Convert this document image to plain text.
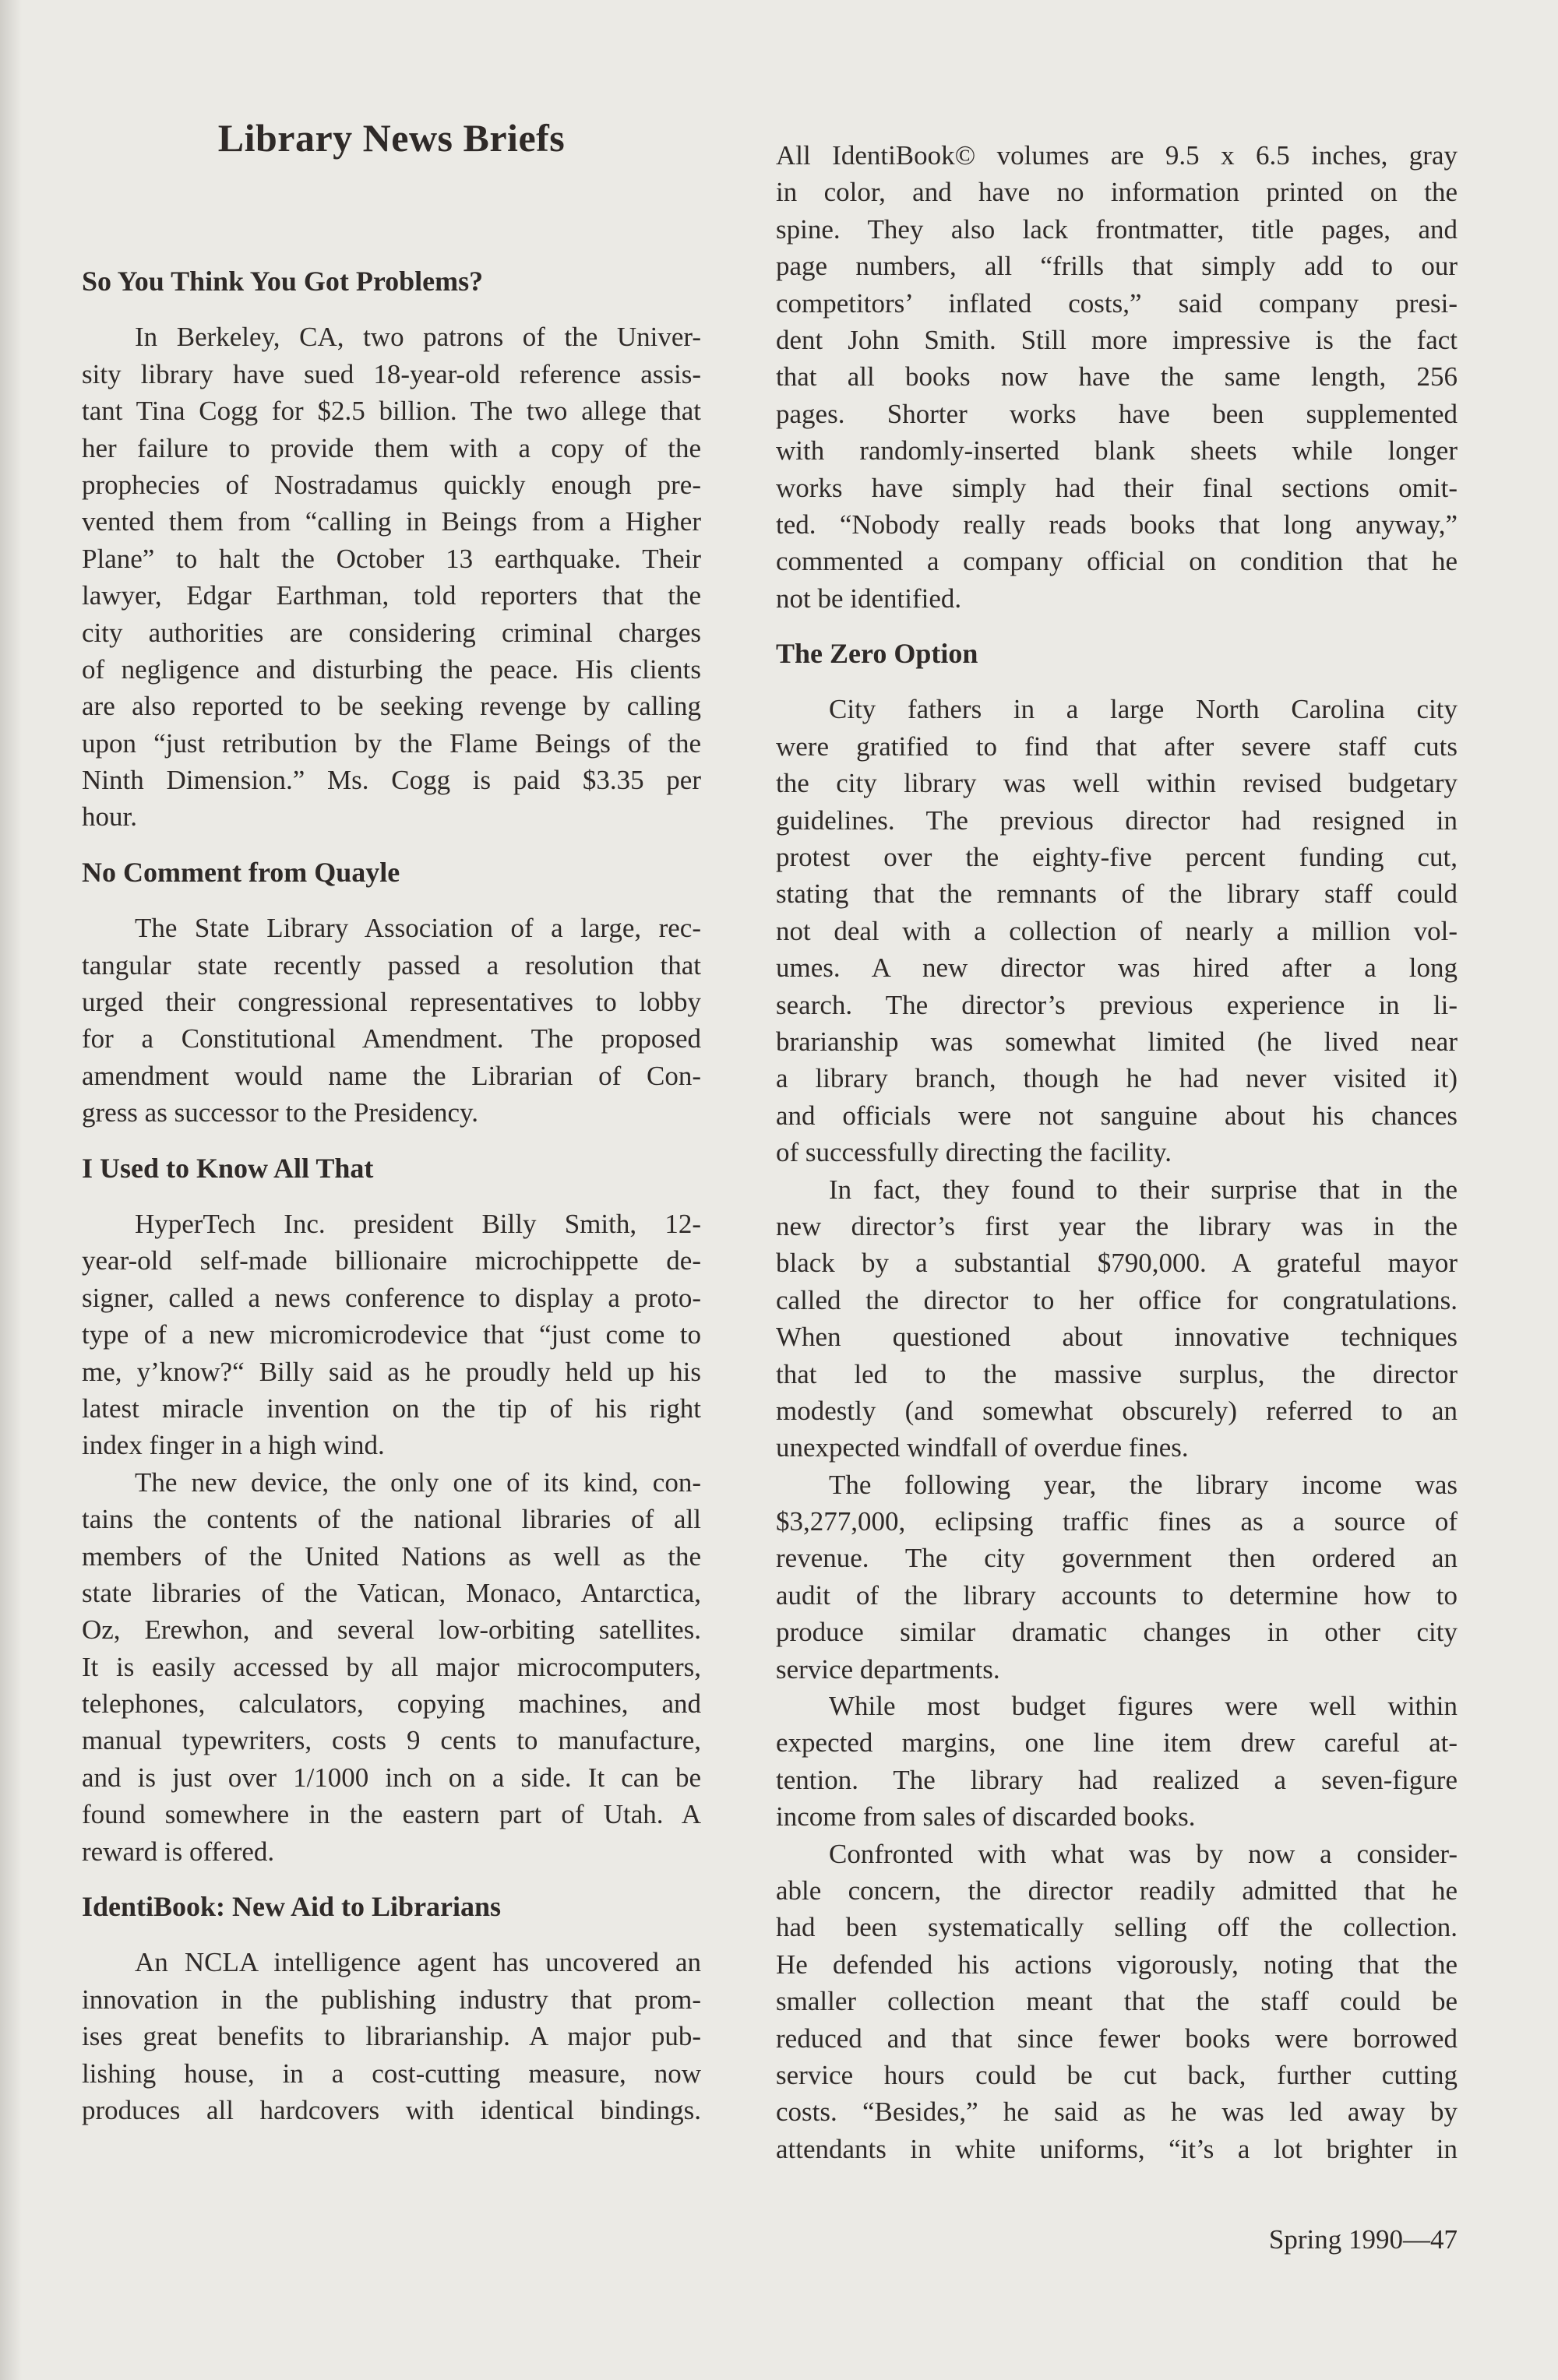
Library News Briefs
So You Think You Got Problems?
In Berkeley, CA, two patrons of the Univer-
sity library have sued 18-year-old reference assis-
tant Tina Cogg for $2.5 billion. The two allege that
her failure to provide them with a copy of the
prophecies of Nostradamus quickly enough pre-
vented them from “calling in Beings from a Higher
Plane” to halt the October 13 earthquake. Their
lawyer, Edgar Earthman, told reporters that the
city authorities are considering criminal charges
of negligence and disturbing the peace. His clients
are also reported to be seeking revenge by calling
upon “just retribution by the Flame Beings of the
Ninth Dimension.” Ms. Cogg is paid $3.35 per
hour.
No Comment from Quayle
The State Library Association of a large, rec-
tangular state recently passed a resolution that
urged their congressional representatives to lobby
for a Constitutional Amendment. The proposed
amendment would name the Librarian of Con-
gress as successor to the Presidency.
I Used to Know All That
HyperTech Inc. president Billy Smith, 12-
year-old self-made billionaire microchippette de-
signer, called a news conference to display a proto-
type of a new micromicrodevice that “just come to
me, y’know?“ Billy said as he proudly held up his
latest miracle invention on the tip of his right
index finger in a high wind.
The new device, the only one of its kind, con-
tains the contents of the national libraries of all
members of the United Nations as well as the
state libraries of the Vatican, Monaco, Antarctica,
Oz, Erewhon, and several low-orbiting satellites.
It is easily accessed by all major microcomputers,
telephones, calculators, copying machines, and
manual typewriters, costs 9 cents to manufacture,
and is just over 1/1000 inch on a side. It can be
found somewhere in the eastern part of Utah. A
reward is offered.
IdentiBook: New Aid to Librarians
An NCLA intelligence agent has uncovered an
innovation in the publishing industry that prom-
ises great benefits to librarianship. A major pub-
lishing house, in a cost-cutting measure, now
produces all hardcovers with identical bindings.
All IdentiBook© volumes are 9.5 x 6.5 inches, gray
in color, and have no information printed on the
spine. They also lack frontmatter, title pages, and
page numbers, all “frills that simply add to our
competitors’ inflated costs,” said company presi-
dent John Smith. Still more impressive is the fact
that all books now have the same length, 256
pages. Shorter works have been supplemented
with randomly-inserted blank sheets while longer
works have simply had their final sections omit-
ted. “Nobody really reads books that long anyway,”
commented a company official on condition that he
not be identified.
The Zero Option
City fathers in a large North Carolina city
were gratified to find that after severe staff cuts
the city library was well within revised budgetary
guidelines. The previous director had resigned in
protest over the eighty-five percent funding cut,
stating that the remnants of the library staff could
not deal with a collection of nearly a million vol-
umes. A new director was hired after a long
search. The director’s previous experience in li-
brarianship was somewhat limited (he lived near
a library branch, though he had never visited it)
and officials were not sanguine about his chances
of successfully directing the facility.
In fact, they found to their surprise that in the
new director’s first year the library was in the
black by a substantial $790,000. A grateful mayor
called the director to her office for congratulations.
When questioned about innovative techniques
that led to the massive surplus, the director
modestly (and somewhat obscurely) referred to an
unexpected windfall of overdue fines.
The following year, the library income was
$3,277,000, eclipsing traffic fines as a source of
revenue. The city government then ordered an
audit of the library accounts to determine how to
produce similar dramatic changes in other city
service departments.
While most budget figures were well within
expected margins, one line item drew careful at-
tention. The library had realized a seven-figure
income from sales of discarded books.
Confronted with what was by now a consider-
able concern, the director readily admitted that he
had been systematically selling off the collection.
He defended his actions vigorously, noting that the
smaller collection meant that the staff could be
reduced and that since fewer books were borrowed
service hours could be cut back, further cutting
costs. “Besides,” he said as he was led away by
attendants in white uniforms, “it’s a lot brighter in
Spring 1990—47
